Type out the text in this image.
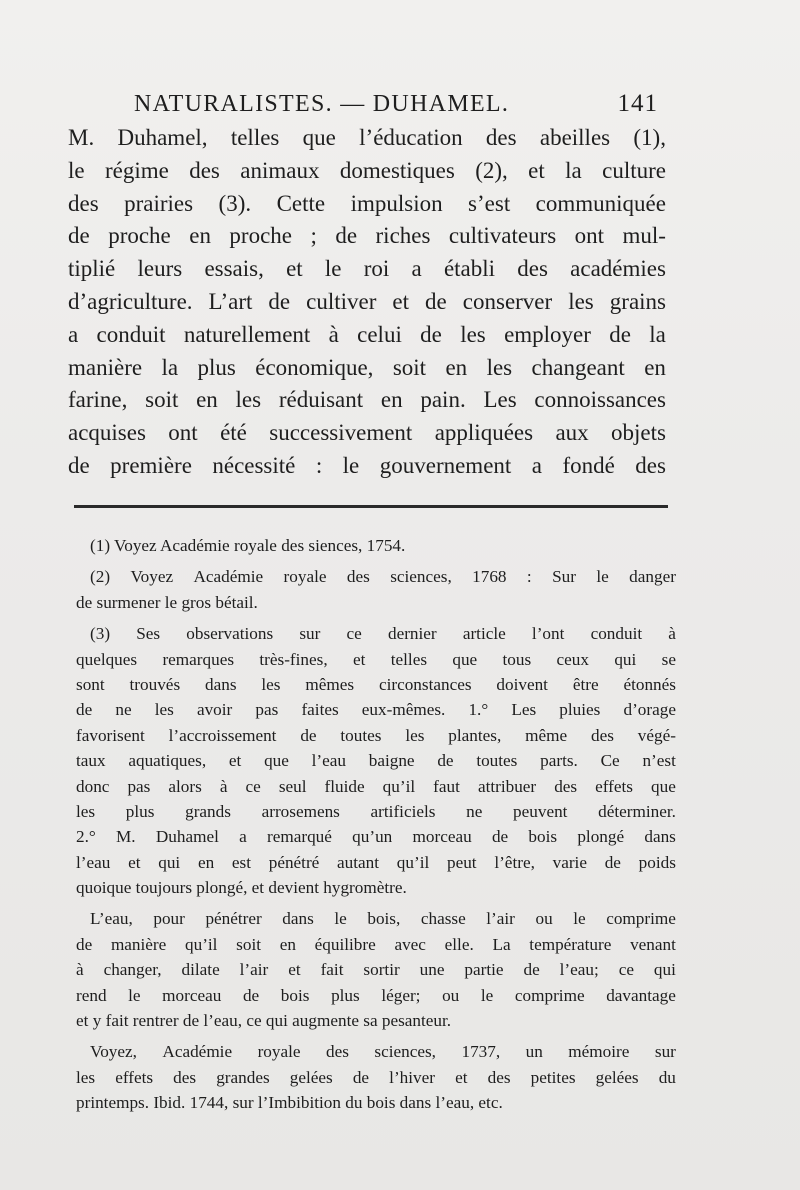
NATURALISTES. — DUHAMEL.	141
M. Duhamel, telles que l’éducation des abeilles (1),
le régime des animaux domestiques (2), et la culture
des prairies (3). Cette impulsion s’est communiquée
de proche en proche ; de riches cultivateurs ont mul-
tiplié leurs essais, et le roi a établi des académies
d’agriculture. L’art de cultiver et de conserver les grains
a conduit naturellement à celui de les employer de la
manière la plus économique, soit en les changeant en
farine, soit en les réduisant en pain. Les connoissances
acquises ont été successivement appliquées aux objets
de première nécessité : le gouvernement a fondé des
(1) Voyez Académie royale des siences, 1754.
(2) Voyez Académie royale des sciences, 1768 : Sur le danger
de surmener le gros bétail.
(3) Ses observations sur ce dernier article l’ont conduit à
quelques remarques très-fines, et telles que tous ceux qui se
sont trouvés dans les mêmes circonstances doivent être étonnés
de ne les avoir pas faites eux-mêmes. 1.° Les pluies d’orage
favorisent l’accroissement de toutes les plantes, même des végé-
taux aquatiques, et que l’eau baigne de toutes parts. Ce n’est
donc pas alors à ce seul fluide qu’il faut attribuer des effets que
les plus grands arrosemens artificiels ne peuvent déterminer.
2.° M. Duhamel a remarqué qu’un morceau de bois plongé dans
l’eau et qui en est pénétré autant qu’il peut l’être, varie de poids
quoique toujours plongé, et devient hygromètre.
L’eau, pour pénétrer dans le bois, chasse l’air ou le comprime
de manière qu’il soit en équilibre avec elle. La température venant
à changer, dilate l’air et fait sortir une partie de l’eau; ce qui
rend le morceau de bois plus léger; ou le comprime davantage
et y fait rentrer de l’eau, ce qui augmente sa pesanteur.
Voyez, Académie royale des sciences, 1737, un mémoire sur
les effets des grandes gelées de l’hiver et des petites gelées du
printemps. Ibid. 1744, sur l’Imbibition du bois dans l’eau, etc.
